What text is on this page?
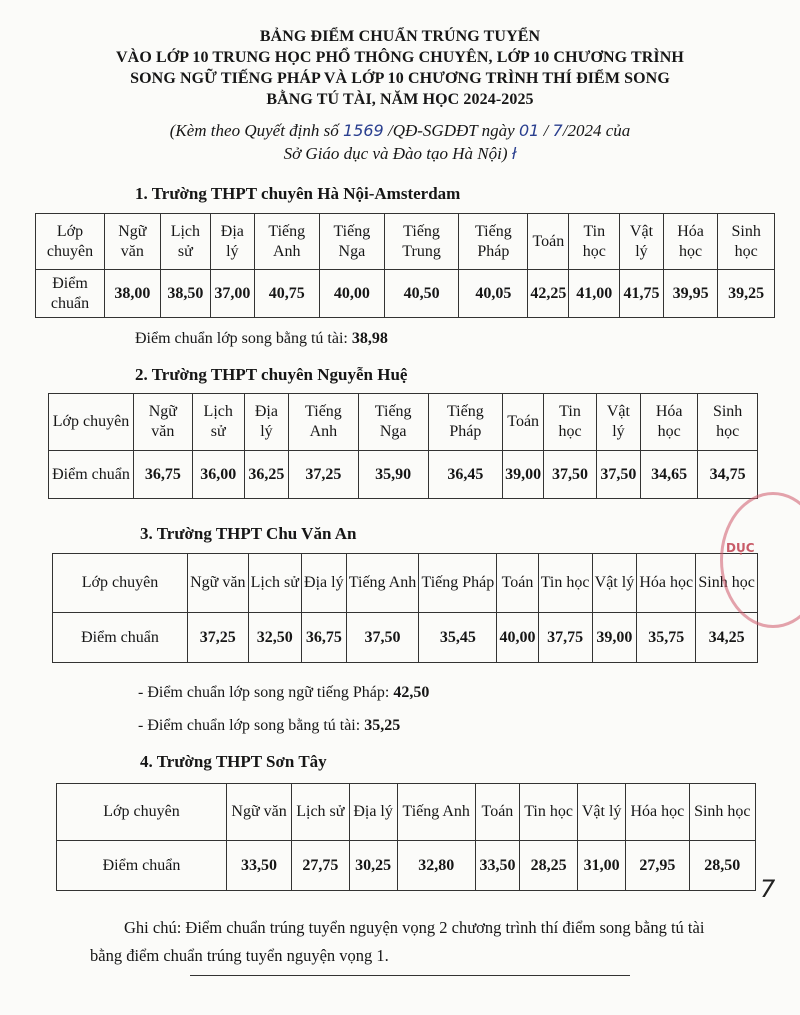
BẢNG ĐIỂM CHUẨN TRÚNG TUYỂN
VÀO LỚP 10 TRUNG HỌC PHỔ THÔNG CHUYÊN, LỚP 10 CHƯƠNG TRÌNH
SONG NGỮ TIẾNG PHÁP VÀ LỚP 10 CHƯƠNG TRÌNH THÍ ĐIỂM SONG
BẰNG TÚ TÀI, NĂM HỌC 2024-2025
(Kèm theo Quyết định số 1569 /QĐ-SGDĐT ngày 01 / 7/2024 của
Sở Giáo dục và Đào tạo Hà Nội) ł
1. Trường THPT chuyên Hà Nội-Amsterdam
Lớp chuyên	Ngữ văn	Lịch sử	Địa lý	Tiếng Anh	Tiếng Nga	Tiếng Trung	Tiếng Pháp	Toán	Tin học	Vật lý	Hóa học	Sinh học
Điểm chuẩn	38,00	38,50	37,00	40,75	40,00	40,50	40,05	42,25	41,00	41,75	39,95	39,25
Điểm chuẩn lớp song bằng tú tài: 38,98
2. Trường THPT chuyên Nguyễn Huệ
Lớp chuyên	Ngữ văn	Lịch sử	Địa lý	Tiếng Anh	Tiếng Nga	Tiếng Pháp	Toán	Tin học	Vật lý	Hóa học	Sinh học
Điểm chuẩn	36,75	36,00	36,25	37,25	35,90	36,45	39,00	37,50	37,50	34,65	34,75
3. Trường THPT Chu Văn An
Lớp chuyên	Ngữ văn	Lịch sử	Địa lý	Tiếng Anh	Tiếng Pháp	Toán	Tin học	Vật lý	Hóa học	Sinh học
Điểm chuẩn	37,25	32,50	36,75	37,50	35,45	40,00	37,75	39,00	35,75	34,25
- Điểm chuẩn lớp song ngữ tiếng Pháp: 42,50
- Điểm chuẩn lớp song bằng tú tài: 35,25
4. Trường THPT Sơn Tây
Lớp chuyên	Ngữ văn	Lịch sử	Địa lý	Tiếng Anh	Toán	Tin học	Vật lý	Hóa học	Sinh học
Điểm chuẩn	33,50	27,75	30,25	32,80	33,50	28,25	31,00	27,95	28,50
Ghi chú: Điểm chuẩn trúng tuyển nguyện vọng 2 chương trình thí điểm song bằng tú tài bằng điểm chuẩn trúng tuyển nguyện vọng 1.
DỤC
7
